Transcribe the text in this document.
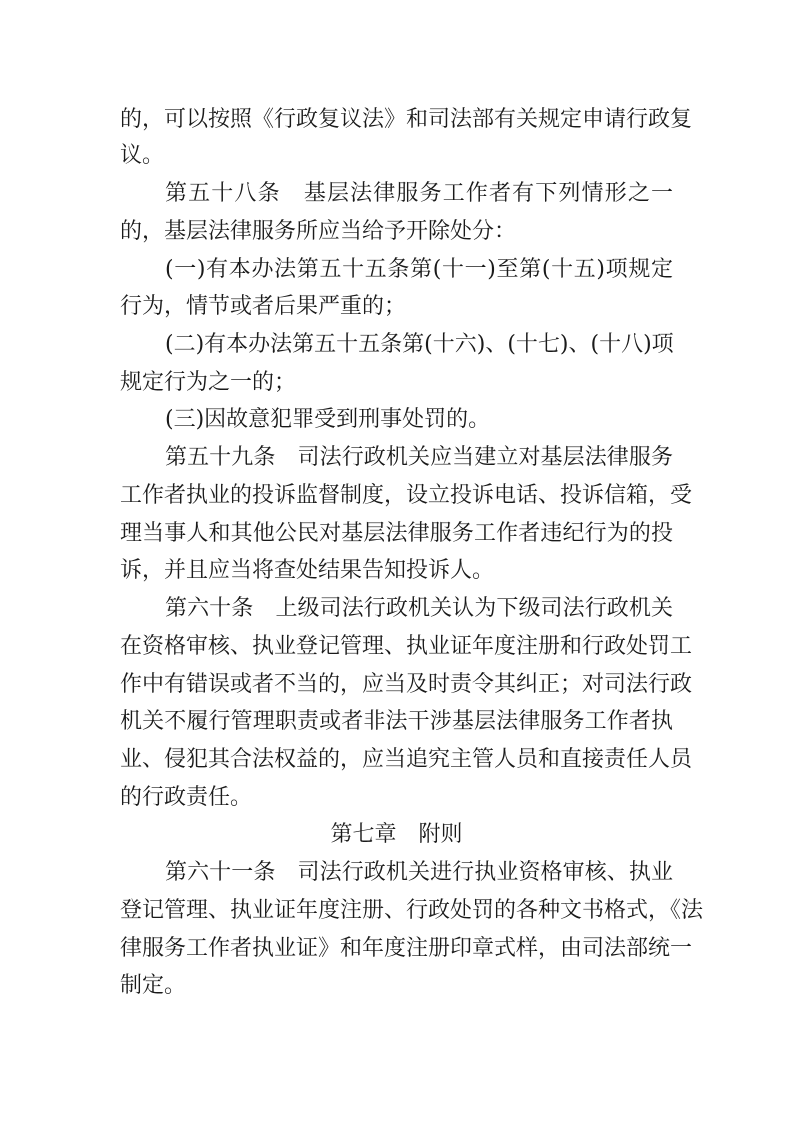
的，可以按照《行政复议法》和司法部有关规定申请行政复
议。
第五十八条　基层法律服务工作者有下列情形之一
的，基层法律服务所应当给予开除处分：
(一)有本办法第五十五条第(十一)至第(十五)项规定
行为，情节或者后果严重的；
(二)有本办法第五十五条第(十六)、(十七)、(十八)项
规定行为之一的；
(三)因故意犯罪受到刑事处罚的。
第五十九条　司法行政机关应当建立对基层法律服务
工作者执业的投诉监督制度，设立投诉电话、投诉信箱，受
理当事人和其他公民对基层法律服务工作者违纪行为的投
诉，并且应当将查处结果告知投诉人。
第六十条　上级司法行政机关认为下级司法行政机关
在资格审核、执业登记管理、执业证年度注册和行政处罚工
作中有错误或者不当的，应当及时责令其纠正；对司法行政
机关不履行管理职责或者非法干涉基层法律服务工作者执
业、侵犯其合法权益的，应当追究主管人员和直接责任人员
的行政责任。
第七章　附则
第六十一条　司法行政机关进行执业资格审核、执业
登记管理、执业证年度注册、行政处罚的各种文书格式，《法
律服务工作者执业证》和年度注册印章式样，由司法部统一
制定。
